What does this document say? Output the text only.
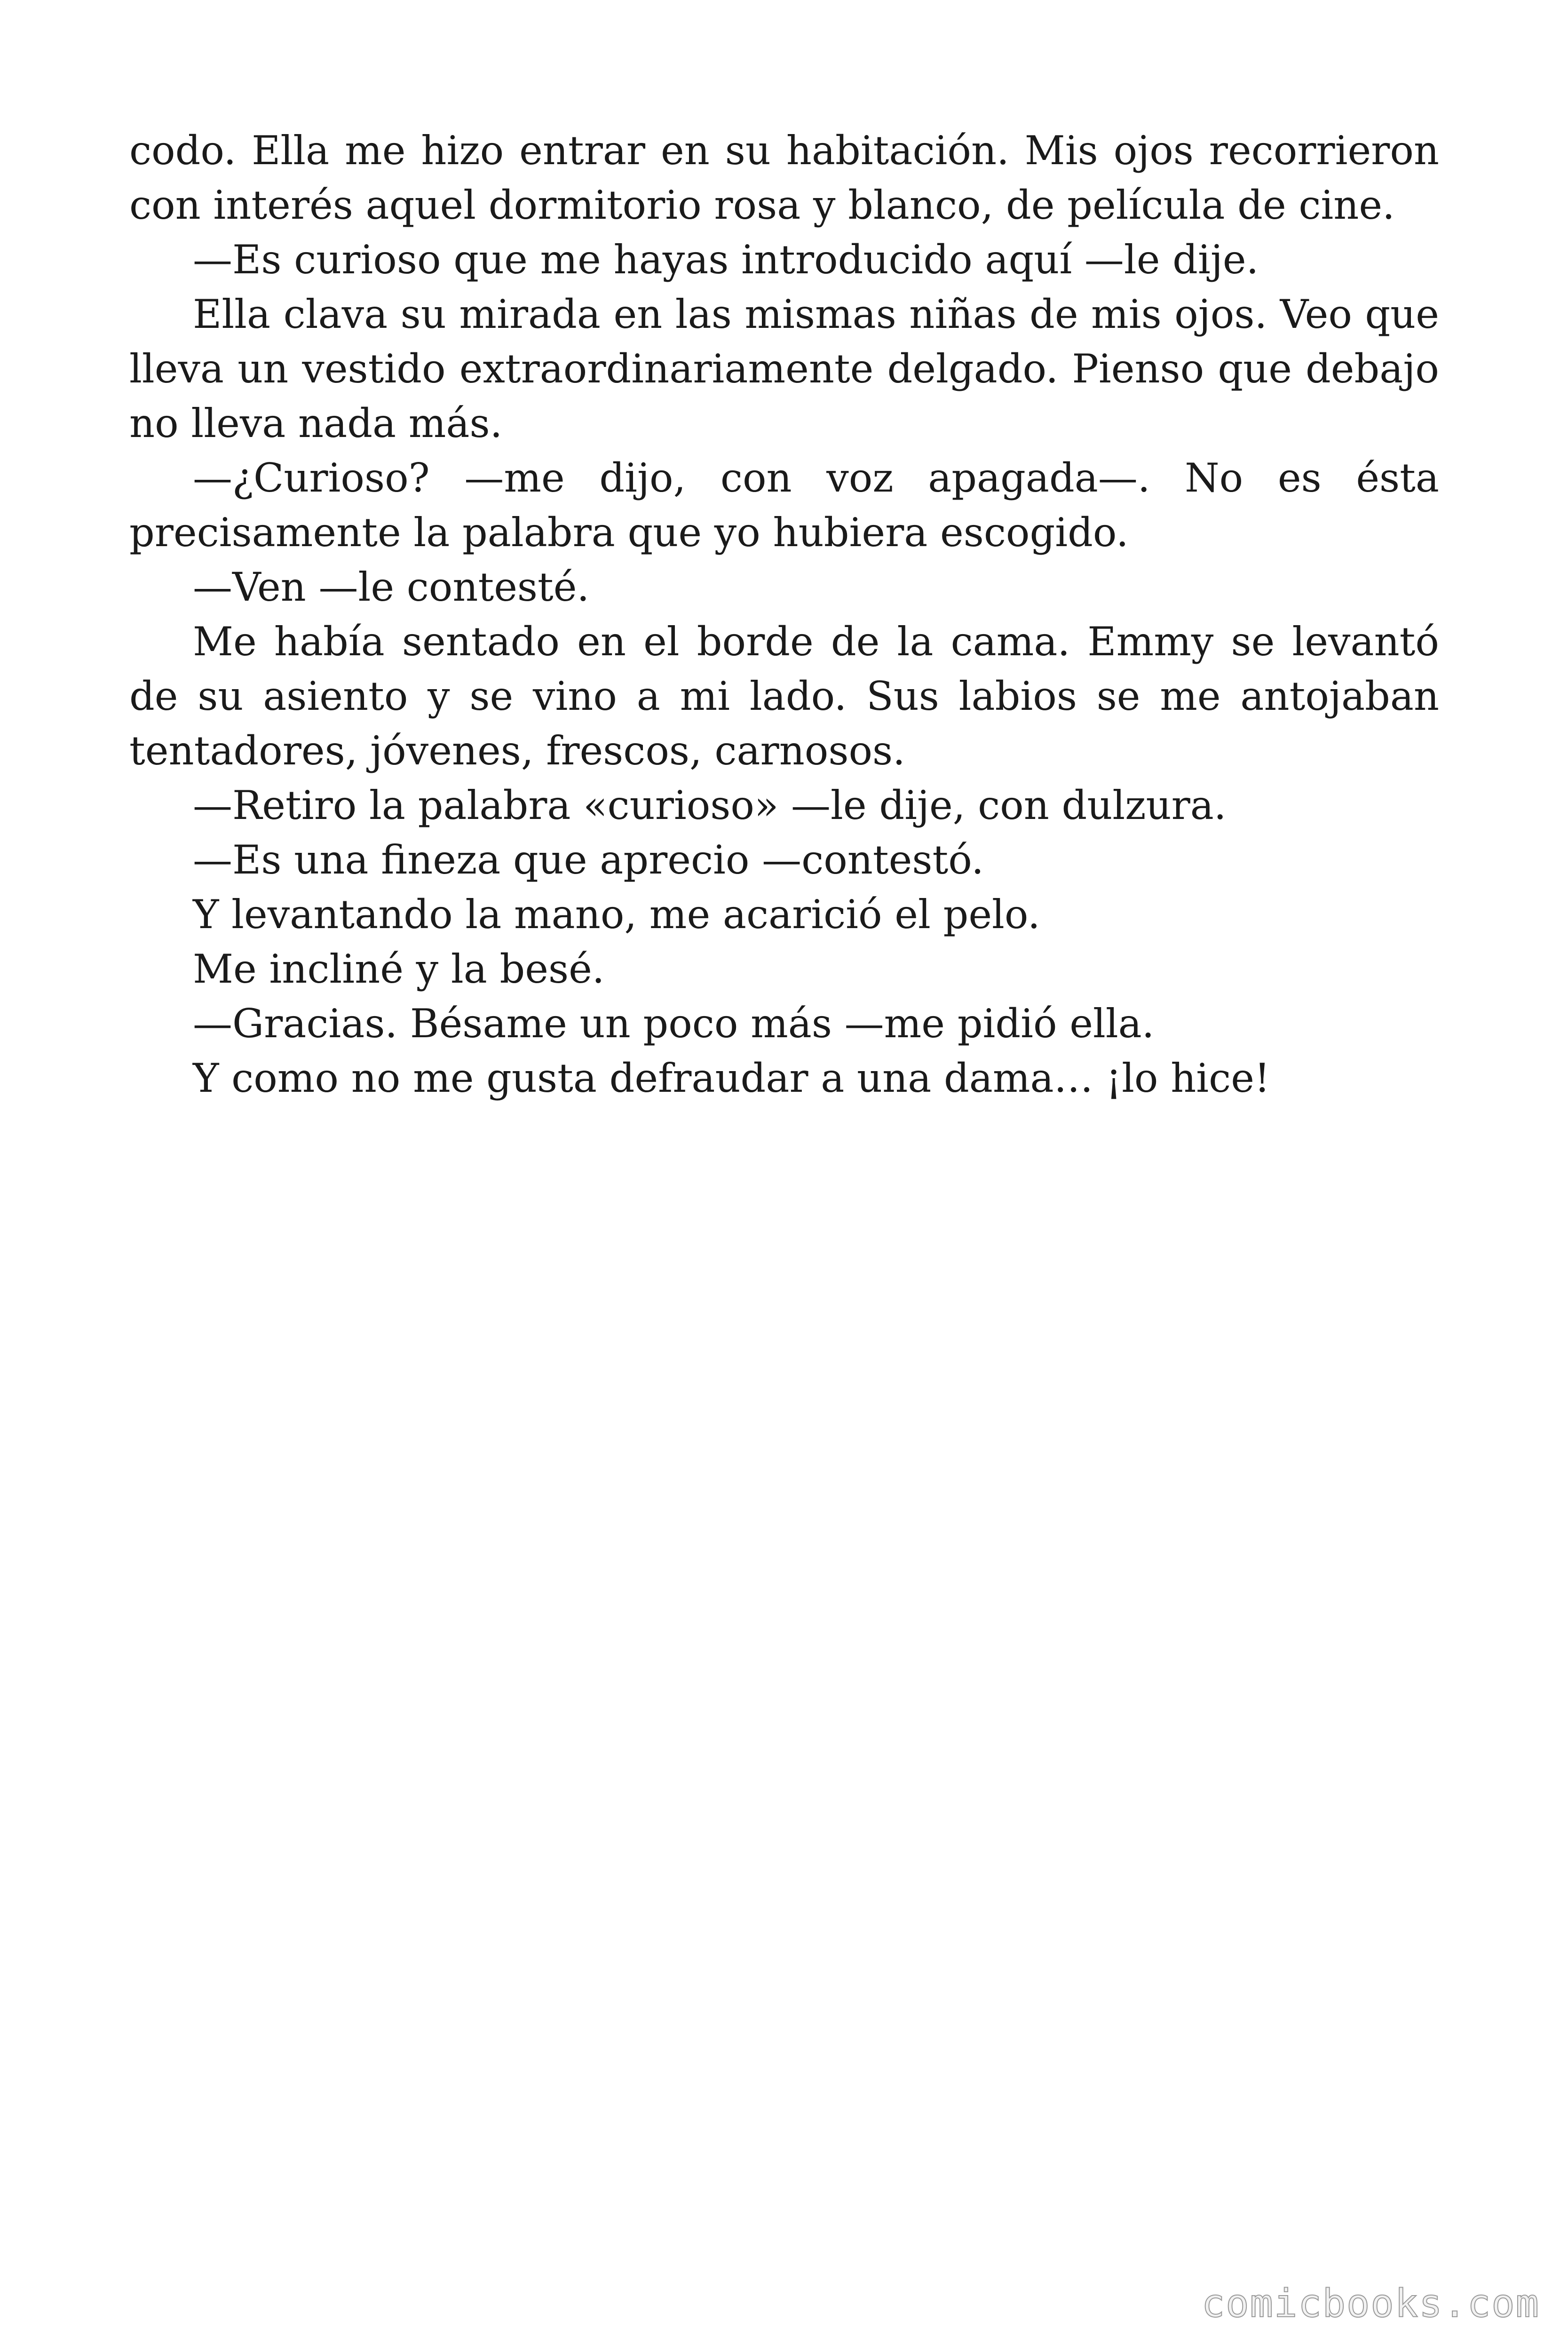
codo. Ella me hizo entrar en su habitación. Mis ojos recorrieron con interés aquel dormitorio rosa y blanco, de película de cine.

—Es curioso que me hayas introducido aquí —le dije.

Ella clava su mirada en las mismas niñas de mis ojos. Veo que lleva un vestido extraordinariamente delgado. Pienso que debajo no lleva nada más.

—¿Curioso? —me dijo, con voz apagada—. No es ésta precisamente la palabra que yo hubiera escogido.

—Ven —le contesté.

Me había sentado en el borde de la cama. Emmy se levantó de su asiento y se vino a mi lado. Sus labios se me antojaban tentadores, jóvenes, frescos, carnosos.

—Retiro la palabra «curioso» —le dije, con dulzura.

—Es una fineza que aprecio —contestó.

Y levantando la mano, me acarició el pelo.

Me incliné y la besé.

—Gracias. Bésame un poco más —me pidió ella.

Y como no me gusta defraudar a una dama… ¡lo hice!

comicbooks.com
